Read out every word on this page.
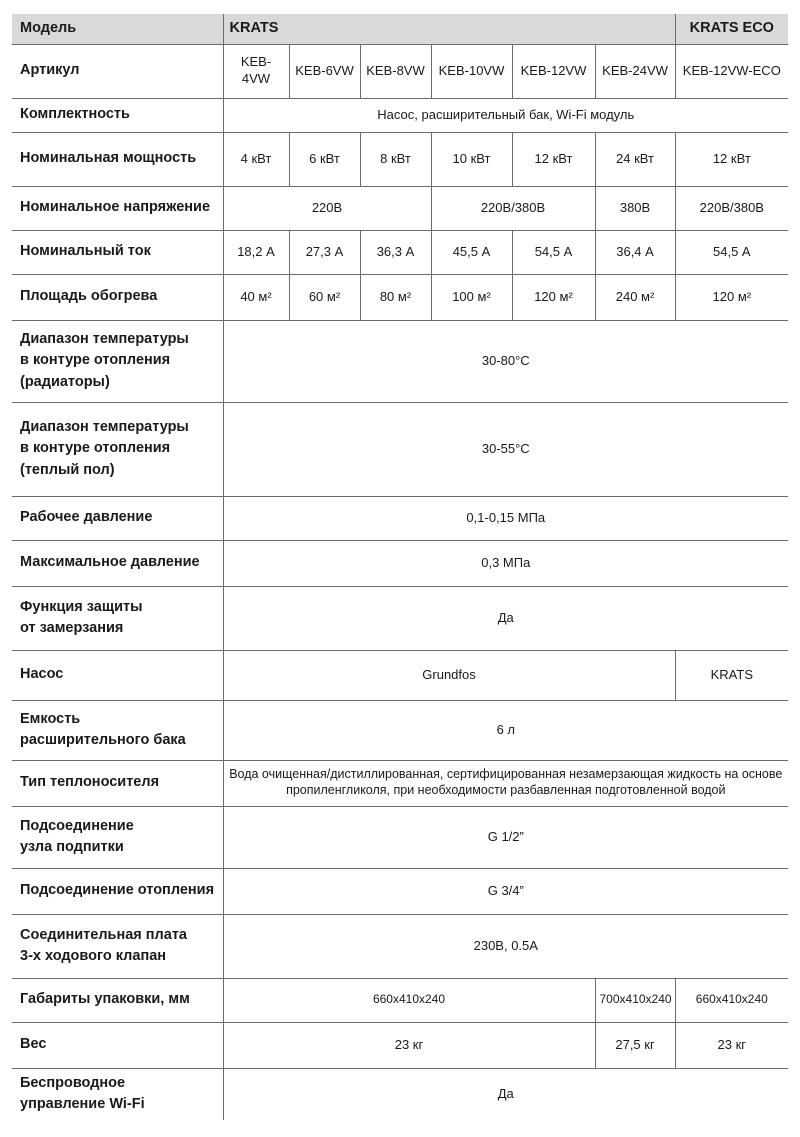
Модель	KRATS						KRATS ECO
Артикул	KEB-4VW	KEB-6VW	KEB-8VW	KEB-10VW	KEB-12VW	KEB-24VW	KEB-12VW-ECO
Комплектность	Насос, расширительный бак, Wi-Fi модуль						
Номинальная мощность	4 кВт	6 кВт	8 кВт	10 кВт	12 кВт	24 кВт	12 кВт
Номинальное напряжение	220В			220В/380В		380В	220В/380В
Номинальный ток	18,2 А	27,3 А	36,3 А	45,5 А	54,5 А	36,4 А	54,5 А
Площадь обогрева	40 м²	60 м²	80 м²	100 м²	120 м²	240 м²	120 м²
Диапазон температуры
в контуре отопления
(радиаторы)	30-80°C						
Диапазон температуры
в контуре отопления
(теплый пол)	30-55°C						
Рабочее давление	0,1-0,15 МПа						
Максимальное давление	0,3 МПа						
Функция защиты
от замерзания	Да						
Насос	Grundfos						KRATS
Емкость
расширительного бака	6 л						
Тип теплоносителя	Вода очищенная/дистиллированная, сертифицированная незамерзающая жидкость на основе пропиленгликоля, при необходимости разбавленная подготовленной водой						
Подсоединение
узла подпитки	G 1/2”						
Подсоединение отопления	G 3/4”						
Соединительная плата
3-х ходового клапан	230В, 0.5А						
Габариты упаковки, мм	660x410x240					700x410x240	660x410x240
Вес	23 кг					27,5 кг	23 кг
Беспроводное
управление Wi-Fi	Да						
